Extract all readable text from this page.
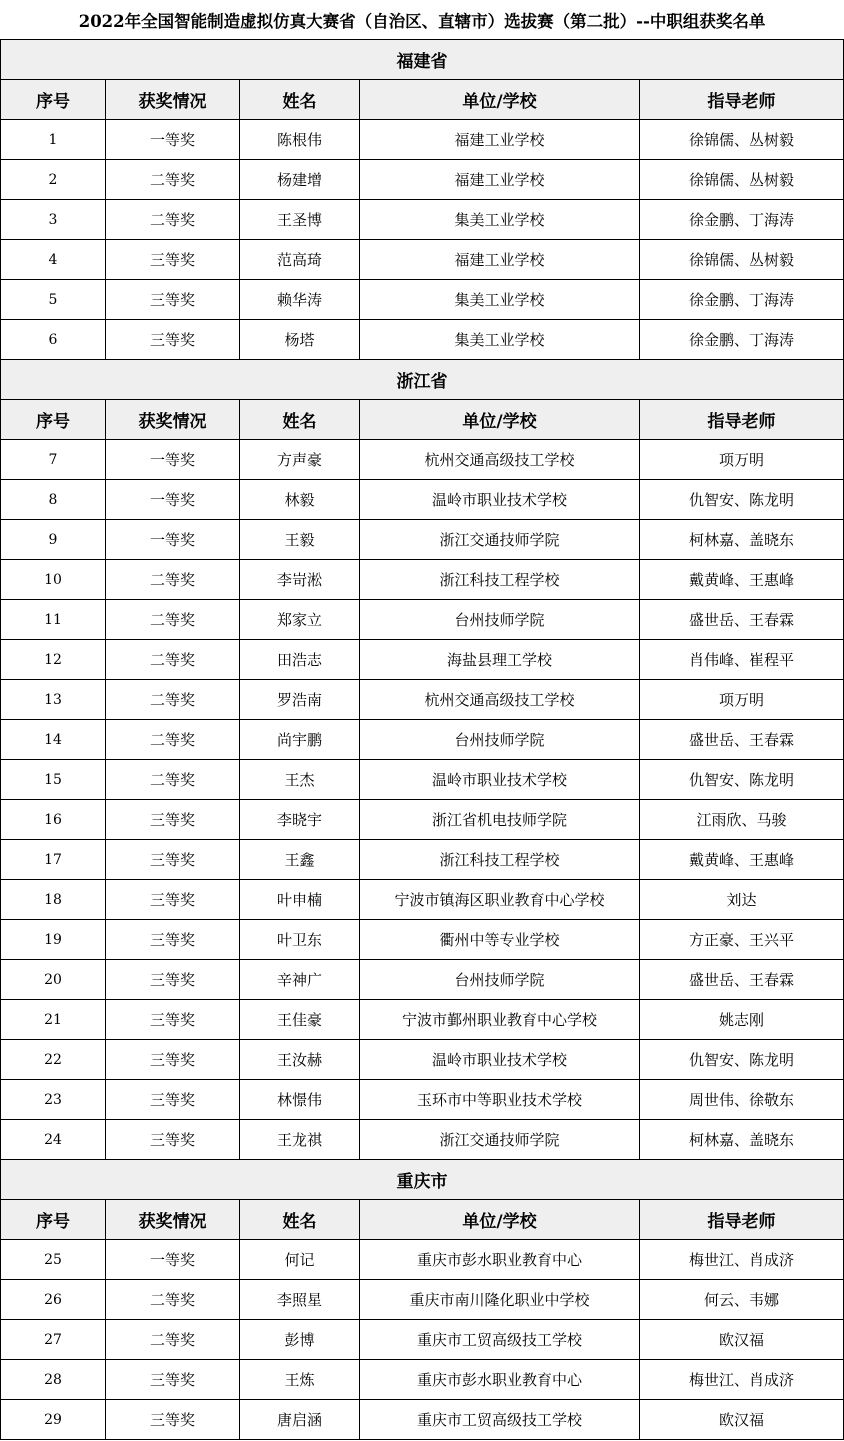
2022年全国智能制造虚拟仿真大赛省（自治区、直辖市）选拔赛（第二批）--中职组获奖名单				
福建省				
序号	获奖情况	姓名	单位/学校	指导老师
1	一等奖	陈根伟	福建工业学校	徐锦儒、丛树毅
2	二等奖	杨建增	福建工业学校	徐锦儒、丛树毅
3	二等奖	王圣博	集美工业学校	徐金鹏、丁海涛
4	三等奖	范高琦	福建工业学校	徐锦儒、丛树毅
5	三等奖	赖华涛	集美工业学校	徐金鹏、丁海涛
6	三等奖	杨塔	集美工业学校	徐金鹏、丁海涛
浙江省				
序号	获奖情况	姓名	单位/学校	指导老师
7	一等奖	方声豪	杭州交通高级技工学校	项万明
8	一等奖	林毅	温岭市职业技术学校	仇智安、陈龙明
9	一等奖	王毅	浙江交通技师学院	柯林嘉、盖晓东
10	二等奖	李岢淞	浙江科技工程学校	戴黄峰、王惠峰
11	二等奖	郑家立	台州技师学院	盛世岳、王春霖
12	二等奖	田浩志	海盐县理工学校	肖伟峰、崔程平
13	二等奖	罗浩南	杭州交通高级技工学校	项万明
14	二等奖	尚宇鹏	台州技师学院	盛世岳、王春霖
15	二等奖	王杰	温岭市职业技术学校	仇智安、陈龙明
16	三等奖	李晓宇	浙江省机电技师学院	江雨欣、马骏
17	三等奖	王鑫	浙江科技工程学校	戴黄峰、王惠峰
18	三等奖	叶申楠	宁波市镇海区职业教育中心学校	刘达
19	三等奖	叶卫东	衢州中等专业学校	方正豪、王兴平
20	三等奖	辛神广	台州技师学院	盛世岳、王春霖
21	三等奖	王佳豪	宁波市鄞州职业教育中心学校	姚志刚
22	三等奖	王汝赫	温岭市职业技术学校	仇智安、陈龙明
23	三等奖	林憬伟	玉环市中等职业技术学校	周世伟、徐敬东
24	三等奖	王龙祺	浙江交通技师学院	柯林嘉、盖晓东
重庆市				
序号	获奖情况	姓名	单位/学校	指导老师
25	一等奖	何记	重庆市彭水职业教育中心	梅世江、肖成济
26	二等奖	李照星	重庆市南川隆化职业中学校	何云、韦娜
27	二等奖	彭博	重庆市工贸高级技工学校	欧汉福
28	三等奖	王炼	重庆市彭水职业教育中心	梅世江、肖成济
29	三等奖	唐启涵	重庆市工贸高级技工学校	欧汉福
